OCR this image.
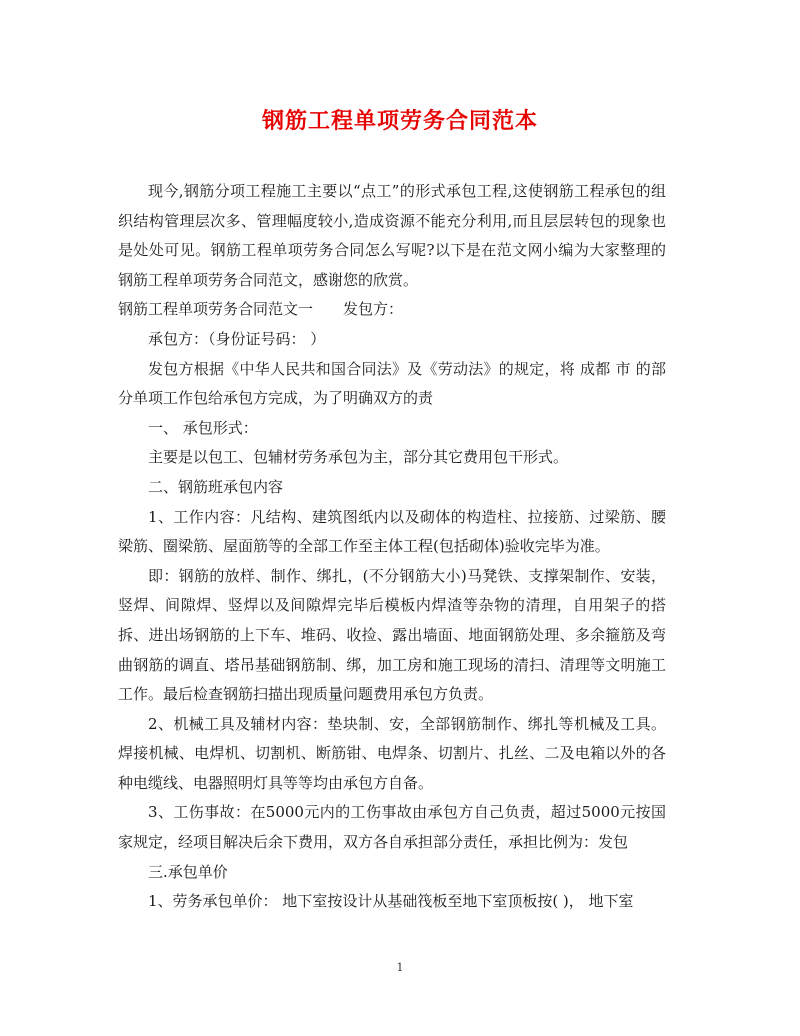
钢筋工程单项劳务合同范本

现今,钢筋分项工程施工主要以“点工”的形式承包工程,这使钢筋工程承包的组织结构管理层次多、管理幅度较小,造成资源不能充分利用,而且层层转包的现象也是处处可见。钢筋工程单项劳务合同怎么写呢?以下是在范文网小编为大家整理的钢筋工程单项劳务合同范文，感谢您的欣赏。

钢筋工程单项劳务合同范文一　　发包方：

承包方：（身份证号码： ）

发包方根据《中华人民共和国合同法》及《劳动法》的规定，将 成都 市 的部分单项工作包给承包方完成，为了明确双方的责

一、 承包形式：

主要是以包工、包辅材劳务承包为主，部分其它费用包干形式。

二、钢筋班承包内容

1、工作内容：凡结构、建筑图纸内以及砌体的构造柱、拉接筋、过梁筋、腰梁筋、圈梁筋、屋面筋等的全部工作至主体工程(包括砌体)验收完毕为准。

即：钢筋的放样、制作、绑扎，(不分钢筋大小)马凳铁、支撑架制作、安装，竖焊、间隙焊、竖焊以及间隙焊完毕后模板内焊渣等杂物的清理，自用架子的搭拆、进出场钢筋的上下车、堆码、收捡、露出墙面、地面钢筋处理、多余箍筋及弯曲钢筋的调直、塔吊基础钢筋制、绑，加工房和施工现场的清扫、清理等文明施工工作。最后检查钢筋扫描出现质量问题费用承包方负责。

2、机械工具及辅材内容：垫块制、安，全部钢筋制作、绑扎等机械及工具。焊接机械、电焊机、切割机、断筋钳、电焊条、切割片、扎丝、二及电箱以外的各种电缆线、电器照明灯具等等均由承包方自备。

3、工伤事故：在5000元内的工伤事故由承包方自己负责，超过5000元按国家规定，经项目解决后余下费用，双方各自承担部分责任，承担比例为：发包

三.承包单价

1、劳务承包单价： 地下室按设计从基础筏板至地下室顶板按( )， 地下室

1
